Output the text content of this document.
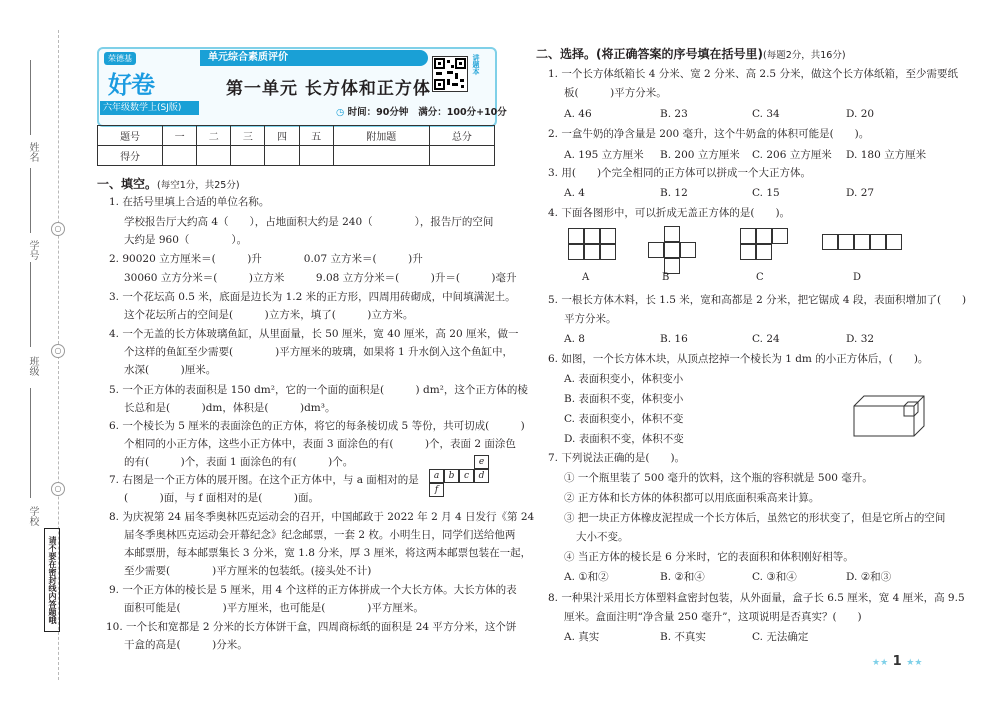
姓名
学号
班级
学校
○
○
○
请不要在密封线内答题哦
荣德基
好卷
六年级数学上(SJ版)
单元综合素质评价
第一单元 长方体和正方体
◷ 时间：90分钟 满分：100分+10分
讲题本
题号	一	二	三	四	五	附加题	总分
得分							
一、填空。(每空1分，共25分)
1. 在括号里填上合适的单位名称。
学校报告厅大约高 4（　　），占地面积大约是 240（　　　　），报告厅的空间
大约是 960（　　　　）。
2. 90020 立方厘米＝(　　　)升　　　　0.07 立方米＝(　　　)升
30060 立方分米＝(　　　)立方米　　　9.08 立方分米＝(　　　)升＝(　　　)毫升
3. 一个花坛高 0.5 米，底面是边长为 1.2 米的正方形，四周用砖砌成，中间填满泥土。
这个花坛所占的空间是(　　　)立方米，填了(　　　)立方米。
4. 一个无盖的长方体玻璃鱼缸，从里面量，长 50 厘米，宽 40 厘米，高 20 厘米，做一
个这样的鱼缸至少需要(　　　　)平方厘米的玻璃，如果将 1 升水倒入这个鱼缸中，
水深(　　　)厘米。
5. 一个正方体的表面积是 150 dm²，它的一个面的面积是(　　　) dm²，这个正方体的棱
长总和是(　　　)dm，体积是(　　　)dm³。
6. 一个棱长为 5 厘米的表面涂色的正方体，将它的每条棱切成 5 等份，共可切成(　　　)
个相同的小正方体，这些小正方体中，表面 3 面涂色的有(　　　)个，表面 2 面涂色
的有(　　　)个，表面 1 面涂色的有(　　　)个。
7. 右图是一个正方体的展开图。在这个正方体中，与 a 面相对的是
(　　　)面，与 f 面相对的是(　　　)面。
a	b	c
e
d
f
8. 为庆祝第 24 届冬季奥林匹克运动会的召开，中国邮政于 2022 年 2 月 4 日发行《第 24
届冬季奥林匹克运动会开幕纪念》纪念邮票，一套 2 枚。小明生日，同学们送给他两
本邮票册，每本邮票集长 3 分米，宽 1.8 分米，厚 3 厘米，将这两本邮票包装在一起，
至少需要(　　　　)平方厘米的包装纸。(接头处不计)
9. 一个正方体的棱长是 5 厘米，用 4 个这样的正方体拼成一个大长方体。大长方体的表
面积可能是(　　　　)平方厘米，也可能是(　　　　)平方厘米。
10. 一个长和宽都是 2 分米的长方体饼干盒，四周商标纸的面积是 24 平方分米，这个饼
干盒的高是(　　　)分米。
二、选择。(将正确答案的序号填在括号里)(每题2分，共16分)
1. 一个长方体纸箱长 4 分米、宽 2 分米、高 2.5 分米，做这个长方体纸箱，至少需要纸
板(　　　)平方分米。
A. 46	B. 23	C. 34	D. 20
2. 一盒牛奶的净含量是 200 毫升，这个牛奶盒的体积可能是(　　)。
A. 195 立方厘米 B. 200 立方厘米 C. 206 立方厘米 D. 180 立方厘米
3. 用(　　)个完全相同的正方体可以拼成一个大正方体。
A. 4	B. 12	C. 15	D. 27
4. 下面各图形中，可以折成无盖正方体的是(　　)。
A	B	C	D
5. 一根长方体木料，长 1.5 米，宽和高都是 2 分米，把它锯成 4 段，表面积增加了(　　)
平方分米。
A. 8	B. 16	C. 24	D. 32
6. 如图，一个长方体木块，从顶点挖掉一个棱长为 1 dm 的小正方体后，(　　)。
A. 表面积变小，体积变小
B. 表面积不变，体积变小
C. 表面积变小，体积不变
D. 表面积不变，体积不变
7. 下列说法正确的是(　　)。
① 一个瓶里装了 500 毫升的饮料，这个瓶的容积就是 500 毫升。
② 正方体和长方体的体积都可以用底面积乘高来计算。
③ 把一块正方体橡皮泥捏成一个长方体后，虽然它的形状变了，但是它所占的空间
大小不变。
④ 当正方体的棱长是 6 分米时，它的表面积和体积刚好相等。
A. ①和②	B. ②和④	C. ③和④	D. ②和③
8. 一种果汁采用长方体塑料盒密封包装，从外面量，盒子长 6.5 厘米，宽 4 厘米，高 9.5
厘米。盒面注明“净含量 250 毫升”，这项说明是否真实？(　　)
A. 真实	B. 不真实	C. 无法确定
★★ 1 ★★
